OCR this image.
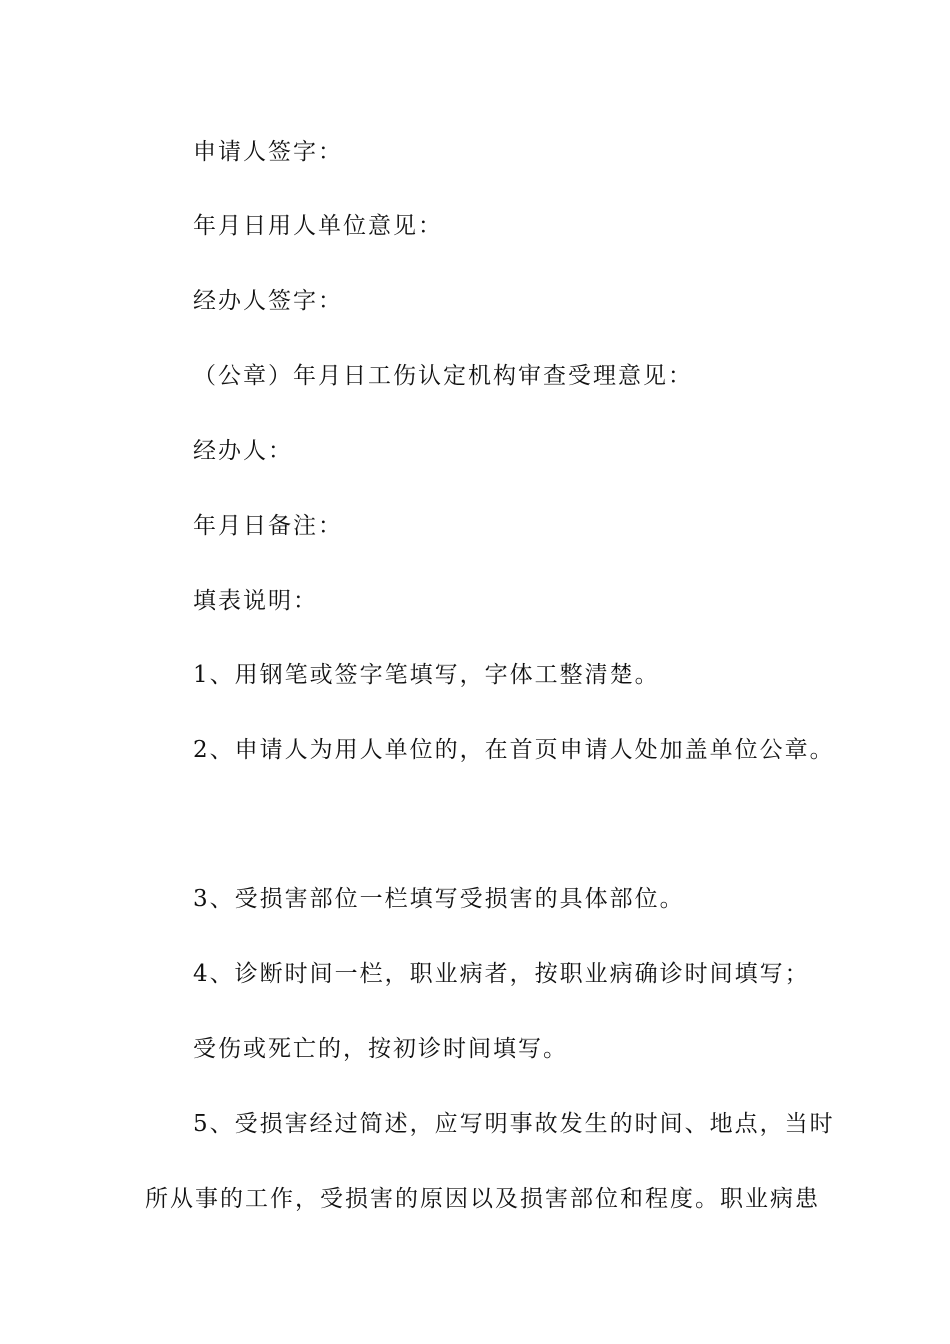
申请人签字：

年月日用人单位意见：

经办人签字：

（公章）年月日工伤认定机构审查受理意见：

经办人：

年月日备注：

填表说明：

1、用钢笔或签字笔填写，字体工整清楚。

2、申请人为用人单位的，在首页申请人处加盖单位公章。

3、受损害部位一栏填写受损害的具体部位。

4、诊断时间一栏，职业病者，按职业病确诊时间填写；

受伤或死亡的，按初诊时间填写。

5、受损害经过简述，应写明事故发生的时间、地点，当时

所从事的工作，受损害的原因以及损害部位和程度。职业病患
